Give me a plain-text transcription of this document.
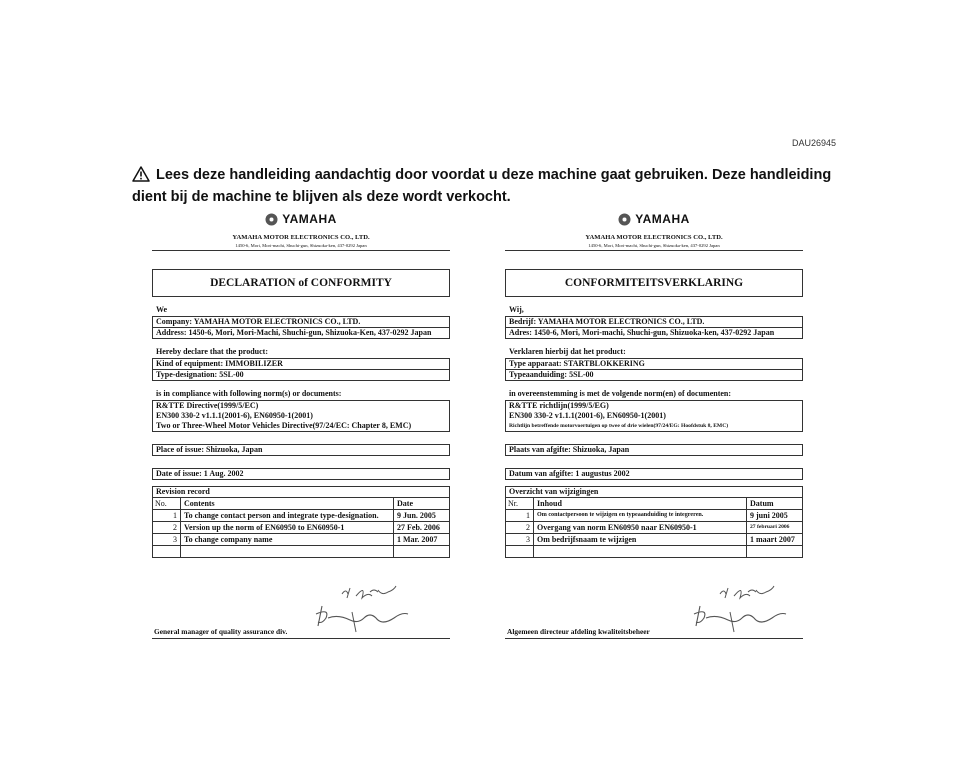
DAU26945
Lees deze handleiding aandachtig door voordat u deze machine gaat gebruiken. Deze handleiding dient bij de machine te blijven als deze wordt verkocht.
YAMAHA
YAMAHA MOTOR ELECTRONICS CO., LTD.
1450-6, Mori, Mori-machi, Shuchi-gun, Shizuoka-ken, 437-0292 Japan
DECLARATION of CONFORMITY
We
Company: YAMAHA MOTOR ELECTRONICS CO., LTD.
Address: 1450-6, Mori, Mori-Machi, Shuchi-gun, Shizuoka-Ken, 437-0292 Japan
Hereby declare that the product:
Kind of equipment: IMMOBILIZER
Type-designation: 5SL-00
is in compliance with following norm(s) or documents:
R&TTE Directive(1999/5/EC)
EN300 330-2 v1.1.1(2001-6), EN60950-1(2001)
Two or Three-Wheel Motor Vehicles Directive(97/24/EC: Chapter 8, EMC)
Place of issue: Shizuoka, Japan
Date of issue: 1 Aug. 2002
Revision record
No.	Contents	Date
1 To change contact person and integrate type-designation.	9 Jun. 2005
2 Version up the norm of EN60950 to EN60950-1	27 Feb. 2006
3 To change company name	1 Mar. 2007
General manager of quality assurance div.
YAMAHA
YAMAHA MOTOR ELECTRONICS CO., LTD.
1450-6, Mori, Mori-machi, Shuchi-gun, Shizuoka-ken, 437-0292 Japan
CONFORMITEITSVERKLARING
Wij,
Bedrijf: YAMAHA MOTOR ELECTRONICS CO., LTD.
Adres: 1450-6, Mori, Mori-machi, Shuchi-gun, Shizuoka-ken, 437-0292 Japan
Verklaren hierbij dat het product:
Type apparaat: STARTBLOKKERING
Typeaanduiding: 5SL-00
in overeenstemming is met de volgende norm(en) of documenten:
R&TTE richtlijn(1999/5/EG)
EN300 330-2 v1.1.1(2001-6), EN60950-1(2001)
Richtlijn betreffende motorvoertuigen op twee of drie wielen(97/24/EG: Hoofdstuk 8, EMC)
Plaats van afgifte: Shizuoka, Japan
Datum van afgifte: 1 augustus 2002
Overzicht van wijzigingen
Nr.	Inhoud	Datum
1	Om contactpersoon te wijzigen en typeaanduiding te integreren.	9 juni 2005
2 Overgang van norm EN60950 naar EN60950-1	27 februari 2006
3 Om bedrijfsnaam te wijzigen	1 maart 2007
Algemeen directeur afdeling kwaliteitsbeheer
